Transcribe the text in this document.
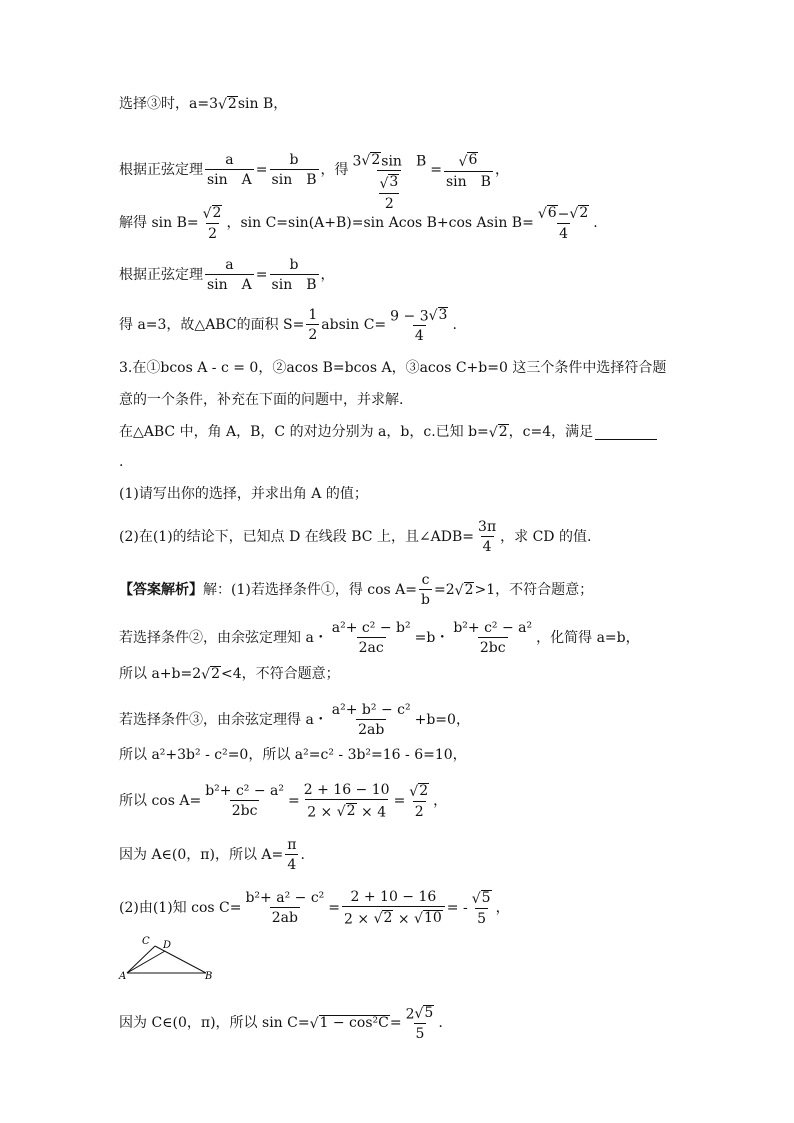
选择③时，a=3 √ 2 sin B，
根据正弦定理 $\frac{a}{\text{sin　A}} = \frac{b}{\text{sin　B}}$ ，得 3 √ 2 sin　B
√ 3
$2 = \frac{√ 6}{\text{sin　B}}$ ，
解得 $\sin B= \frac{√ 2}{2}$ ，sin C=sin(A+B)=sin Acos B+cos Asin $B= \frac{√ 6 - √ 2}{4}$ .
根据正弦定理 $\frac{a}{\text{sin　A}} = \frac{b}{\text{sin　B}}$ ，
得 a=3，故△ABC的面积 $S= \frac{1}{2}$ absin $C= \frac{9 - 3 √ 3}{4}$ .
3.在①bcos A - c = 0，②acos B=bcos A，③acos C+b=0 这三个条件中选择符合题
意的一个条件，补充在下面的问题中，并求解.
在△ABC 中，角 A，B，C 的对边分别为 a，b，c.已知 b= √ 2 ，c=4，满足
.
(1)请写出你的选择，并求出角 A 的值；
(2)在(1)的结论下，已知点 D 在线段 BC 上，且∠ADB= $\frac{3\pi}{4}$ ，求 CD 的值.
【答案解析】 解：(1)若选择条件①，得 $\cos A= \frac{c}{b} =2$ √ 2 >1，不符合题意；
若选择条件②，由余弦定理知 a・ $\frac{\text{a²+ c² − b²}}{2ac} =b$・ $\frac{\text{b²+ c² − a²}}{2bc}$ ，化简得 a=b，
所以 a+b=2 √ 2 <4，不符合题意；
若选择条件③，由余弦定理得 a・ $\frac{\text{a²+ b² − c²}}{2ab} +b=0$，
所以 a²+3b² - c²=0，所以 a²=c² - 3b²=16 - 6=10，
所以 $\cos A= \frac{\text{b²+ c² − a²}}{2bc} = \frac{2 + 16 - 10}{2 \times √ 2 \times 4} = \frac{√ 2}{2}$ ，
因为 A∈(0，π)，所以 $A= \frac{\pi}{4}$ .
(2)由(1)知 $\cos C= \frac{\text{b²+ a² − c²}}{2ab} = \frac{2 + 10 - 16}{2 \times √ 2 \times √ 10}$ = - $\frac{√ 5}{5}$ ，
C D
A	B
因为 C∈(0，π)，所以 sin C= √ $1 - \cos^2C = \frac{2 √ 5}{5}$ .
